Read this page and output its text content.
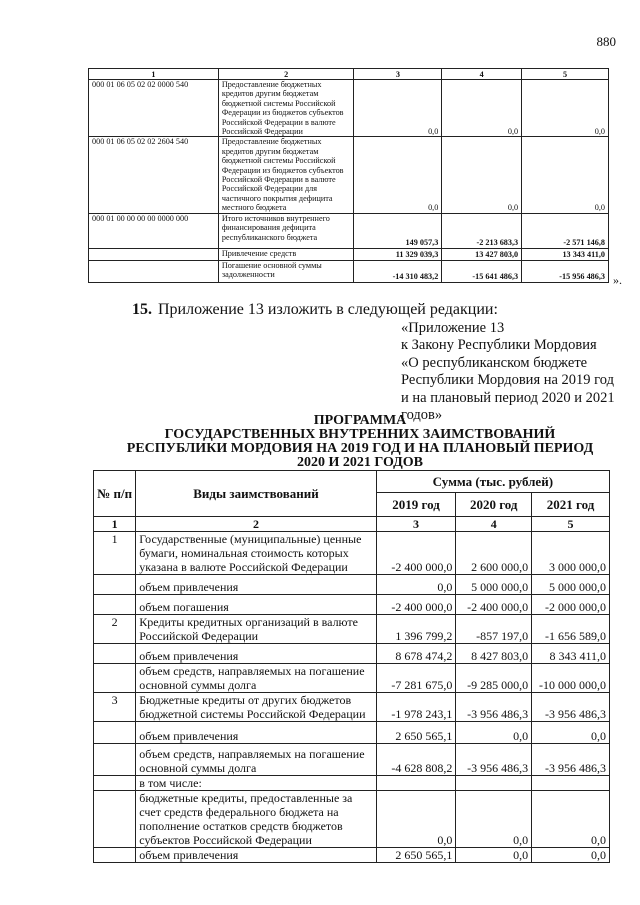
880
1	2	3	4	5
000 01 06 05 02 02 0000 540	Предоставление бюджетных кредитов другим бюджетам бюджетной системы Российской Федерации из бюджетов субъектов Российской Федерации в валюте Российской Федерации	0,0	0,0	0,0
000 01 06 05 02 02 2604 540	Предоставление бюджетных кредитов другим бюджетам бюджетной системы Российской Федерации из бюджетов субъектов Российской Федерации в валюте Российской Федерации для частичного покрытия дефицита местного бюджета	0,0	0,0	0,0
000 01 00 00 00 00 0000 000	Итого источников внутреннего финансирования дефицита республиканского бюджета	149 057,3	-2 213 683,3	-2 571 146,8
	Привлечение средств	11 329 039,3	13 427 803,0	13 343 411,0
	Погашение основной суммы задолженности	-14 310 483,2	-15 641 486,3	-15 956 486,3 ».
15. Приложение 13 изложить в следующей редакции:
«Приложение 13
к Закону Республики Мордовия
«О республиканском бюджете
Республики Мордовия на 2019 год
и на плановый период 2020 и 2021
годов»
ПРОГРАММА
ГОСУДАРСТВЕННЫХ ВНУТРЕННИХ ЗАИМСТВОВАНИЙ
РЕСПУБЛИКИ МОРДОВИЯ НА 2019 ГОД И НА ПЛАНОВЫЙ ПЕРИОД
2020 И 2021 ГОДОВ
№ п/п	Виды заимствований	Сумма (тыс. рублей)		
		2019 год	2020 год	2021 год
1	2	3	4	5
1	Государственные (муниципальные) ценные бумаги, номинальная стоимость которых указана в валюте Российской Федерации	-2 400 000,0	2 600 000,0	3 000 000,0
	объем привлечения	0,0	5 000 000,0	5 000 000,0
	объем погашения	-2 400 000,0	-2 400 000,0	-2 000 000,0
2	Кредиты кредитных организаций в валюте Российской Федерации	1 396 799,2	-857 197,0	-1 656 589,0
	объем привлечения	8 678 474,2	8 427 803,0	8 343 411,0
	объем средств, направляемых на погашение основной суммы долга	-7 281 675,0	-9 285 000,0	-10 000 000,0
3	Бюджетные кредиты от других бюджетов бюджетной системы Российской Федерации	-1 978 243,1	-3 956 486,3	-3 956 486,3
	объем привлечения	2 650 565,1	0,0	0,0
	объем средств, направляемых на погашение основной суммы долга	-4 628 808,2	-3 956 486,3	-3 956 486,3
	в том числе:			
	бюджетные кредиты, предоставленные за счет средств федерального бюджета на пополнение остатков средств бюджетов субъектов Российской Федерации	0,0	0,0	0,0
	объем привлечения	2 650 565,1	0,0	0,0
